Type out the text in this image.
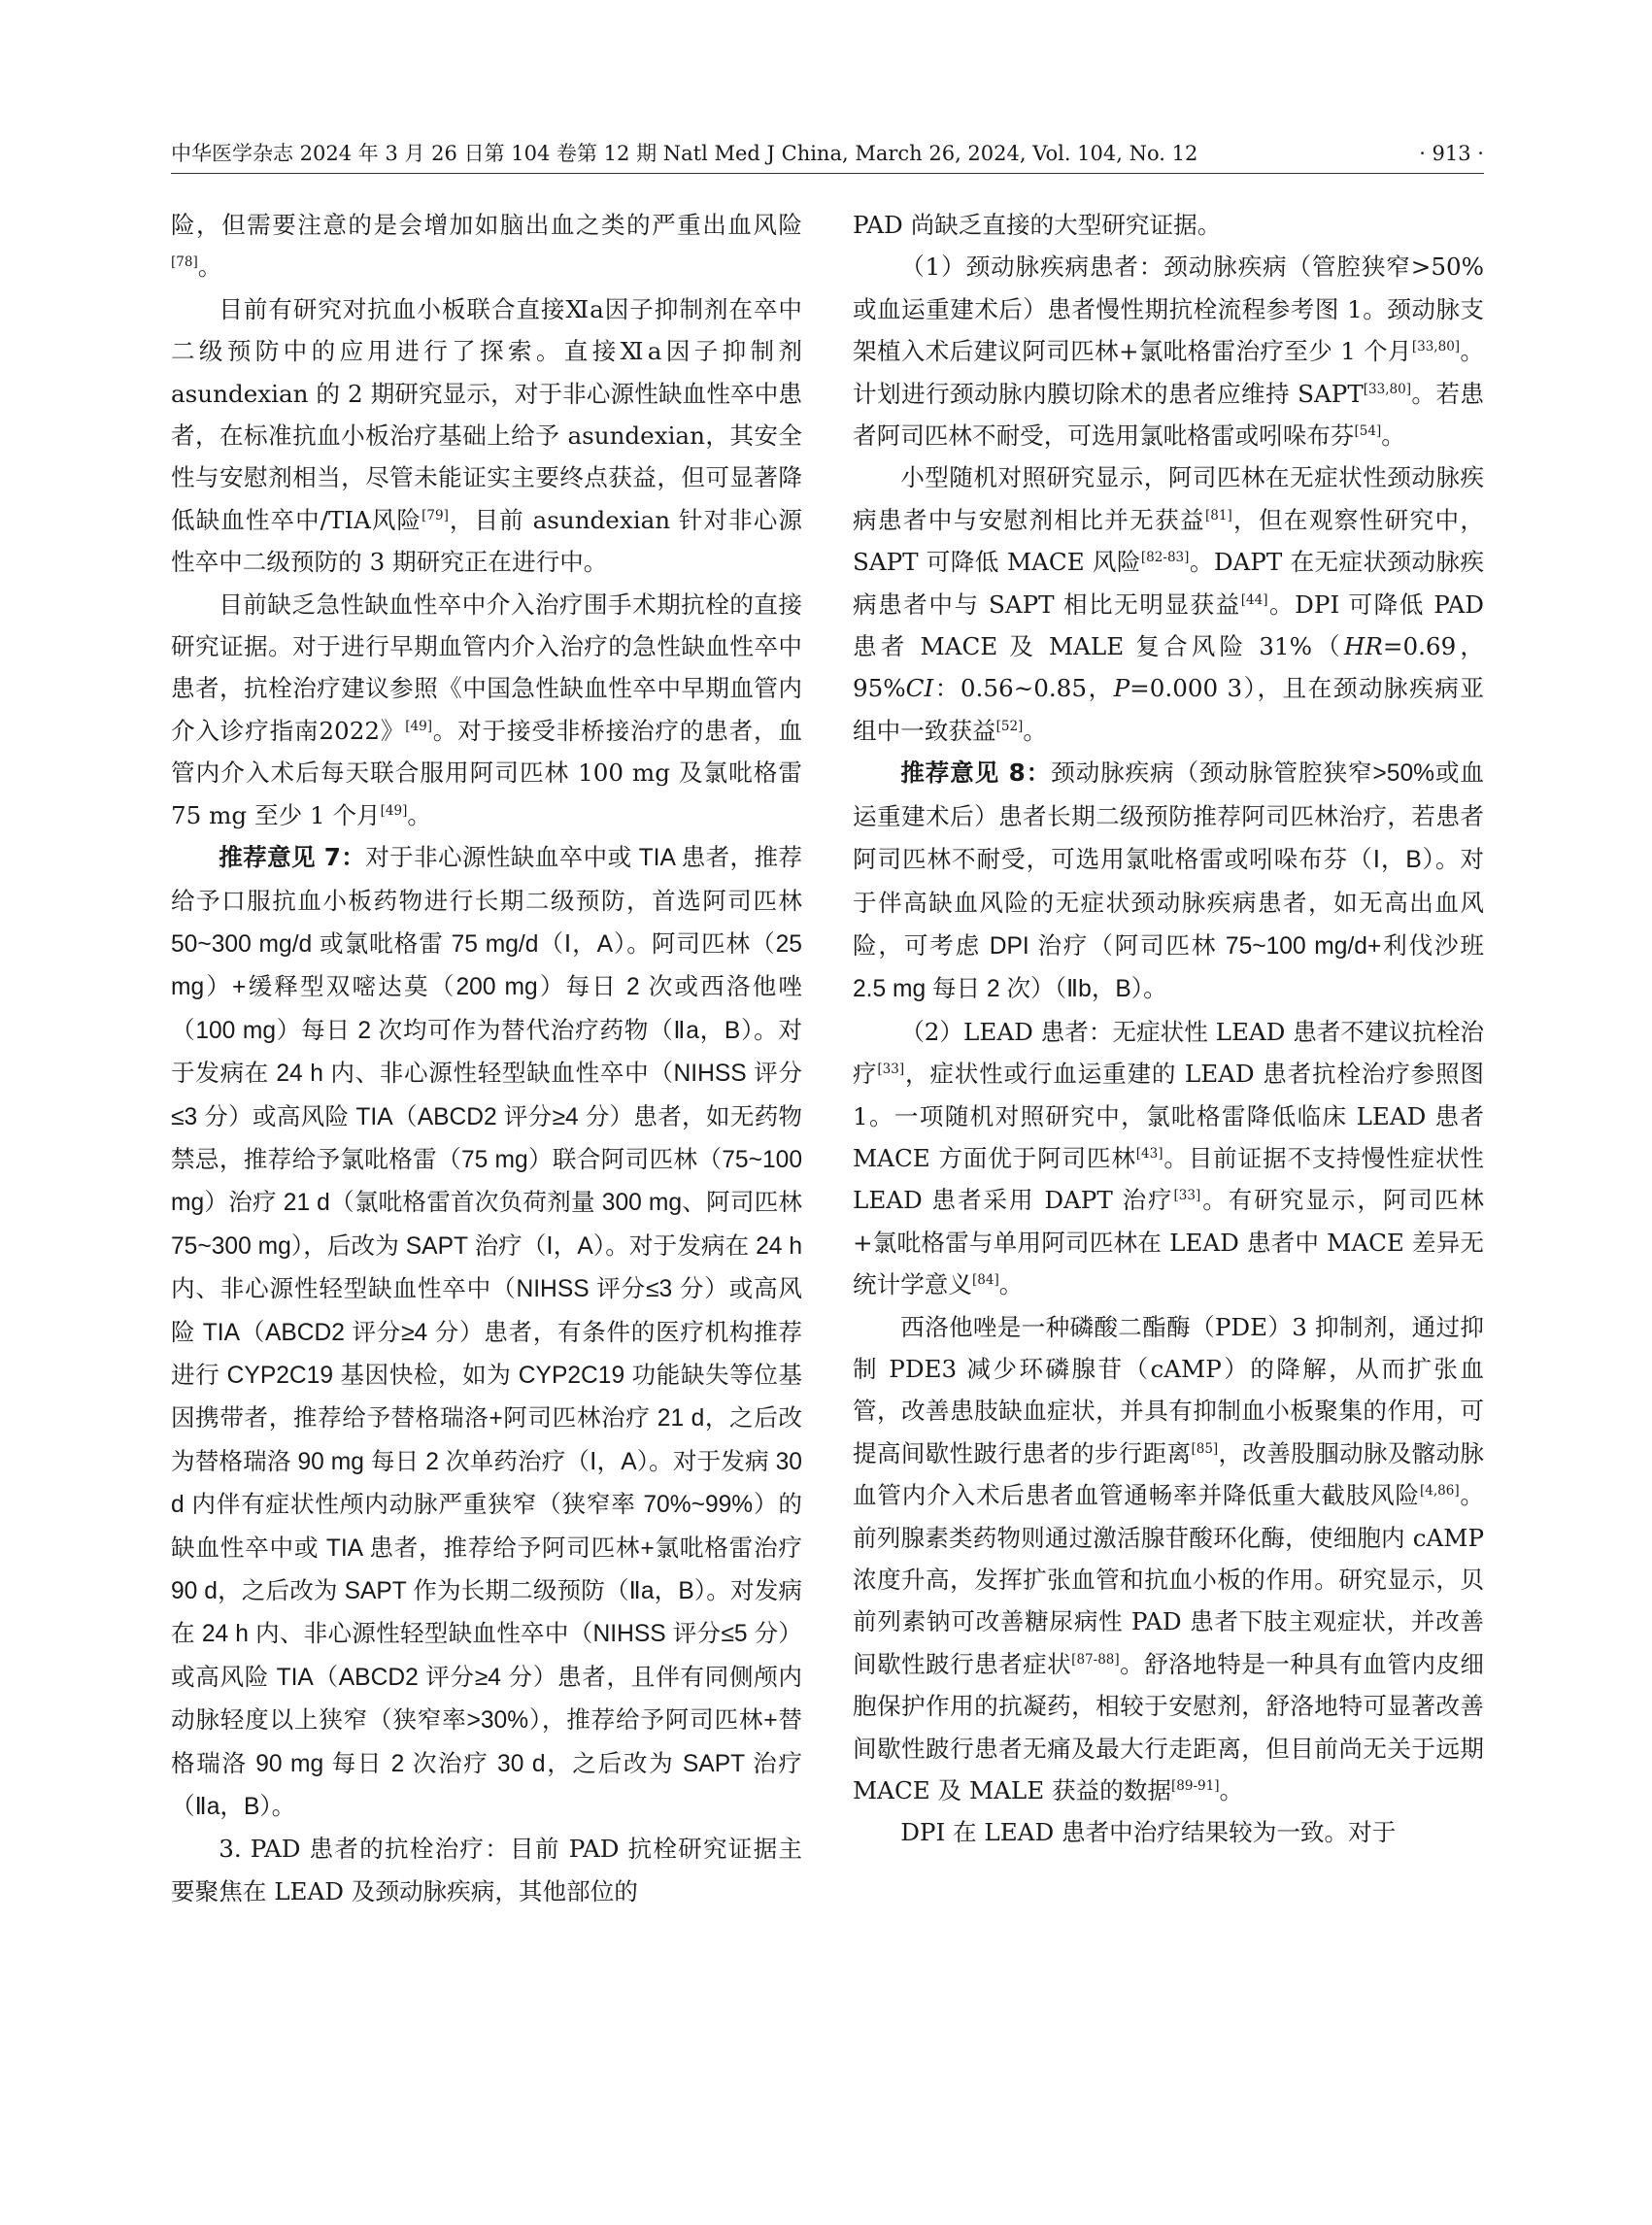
中华医学杂志 2024 年 3 月 26 日第 104 卷第 12 期 Natl Med J China, March 26, 2024, Vol. 104, No. 12	· 913 ·

险，但需要注意的是会增加如脑出血之类的严重出血风险[78]。

目前有研究对抗血小板联合直接Ⅺa因子抑制剂在卒中二级预防中的应用进行了探索。直接Ⅺa因子抑制剂 asundexian 的 2 期研究显示，对于非心源性缺血性卒中患者，在标准抗血小板治疗基础上给予 asundexian，其安全性与安慰剂相当，尽管未能证实主要终点获益，但可显著降低缺血性卒中/TIA风险[79]，目前 asundexian 针对非心源性卒中二级预防的 3 期研究正在进行中。

目前缺乏急性缺血性卒中介入治疗围手术期抗栓的直接研究证据。对于进行早期血管内介入治疗的急性缺血性卒中患者，抗栓治疗建议参照《中国急性缺血性卒中早期血管内介入诊疗指南2022》[49]。对于接受非桥接治疗的患者，血管内介入术后每天联合服用阿司匹林 100 mg 及氯吡格雷 75 mg 至少 1 个月[49]。

推荐意见 7：对于非心源性缺血卒中或 TIA 患者，推荐给予口服抗血小板药物进行长期二级预防，首选阿司匹林 50~300 mg/d 或氯吡格雷 75 mg/d（Ⅰ，A）。阿司匹林（25 mg）+缓释型双嘧达莫（200 mg）每日 2 次或西洛他唑（100 mg）每日 2 次均可作为替代治疗药物（Ⅱa，B）。对于发病在 24 h 内、非心源性轻型缺血性卒中（NIHSS 评分≤3 分）或高风险 TIA（ABCD2 评分≥4 分）患者，如无药物禁忌，推荐给予氯吡格雷（75 mg）联合阿司匹林（75~100 mg）治疗 21 d（氯吡格雷首次负荷剂量 300 mg、阿司匹林 75~300 mg），后改为 SAPT 治疗（Ⅰ，A）。对于发病在 24 h 内、非心源性轻型缺血性卒中（NIHSS 评分≤3 分）或高风险 TIA（ABCD2 评分≥4 分）患者，有条件的医疗机构推荐进行 CYP2C19 基因快检，如为 CYP2C19 功能缺失等位基因携带者，推荐给予替格瑞洛+阿司匹林治疗 21 d，之后改为替格瑞洛 90 mg 每日 2 次单药治疗（Ⅰ，A）。对于发病 30 d 内伴有症状性颅内动脉严重狭窄（狭窄率 70%~99%）的缺血性卒中或 TIA 患者，推荐给予阿司匹林+氯吡格雷治疗 90 d，之后改为 SAPT 作为长期二级预防（Ⅱa，B）。对发病在 24 h 内、非心源性轻型缺血性卒中（NIHSS 评分≤5 分）或高风险 TIA（ABCD2 评分≥4 分）患者，且伴有同侧颅内动脉轻度以上狭窄（狭窄率>30%），推荐给予阿司匹林+替格瑞洛 90 mg 每日 2 次治疗 30 d，之后改为 SAPT 治疗（Ⅱa，B）。

3. PAD 患者的抗栓治疗：目前 PAD 抗栓研究证据主要聚焦在 LEAD 及颈动脉疾病，其他部位的

PAD 尚缺乏直接的大型研究证据。

（1）颈动脉疾病患者：颈动脉疾病（管腔狭窄>50%或血运重建术后）患者慢性期抗栓流程参考图 1。颈动脉支架植入术后建议阿司匹林+氯吡格雷治疗至少 1 个月[33,80]。计划进行颈动脉内膜切除术的患者应维持 SAPT[33,80]。若患者阿司匹林不耐受，可选用氯吡格雷或吲哚布芬[54]。

小型随机对照研究显示，阿司匹林在无症状性颈动脉疾病患者中与安慰剂相比并无获益[81]，但在观察性研究中，SAPT 可降低 MACE 风险[82-83]。DAPT 在无症状颈动脉疾病患者中与 SAPT 相比无明显获益[44]。DPI 可降低 PAD 患者 MACE 及 MALE 复合风险 31%（HR=0.69，95%CI：0.56~0.85，P=0.000 3），且在颈动脉疾病亚组中一致获益[52]。

推荐意见 8：颈动脉疾病（颈动脉管腔狭窄>50%或血运重建术后）患者长期二级预防推荐阿司匹林治疗，若患者阿司匹林不耐受，可选用氯吡格雷或吲哚布芬（Ⅰ，B）。对于伴高缺血风险的无症状颈动脉疾病患者，如无高出血风险，可考虑 DPI 治疗（阿司匹林 75~100 mg/d+利伐沙班 2.5 mg 每日 2 次）（Ⅱb，B）。

（2）LEAD 患者：无症状性 LEAD 患者不建议抗栓治疗[33]，症状性或行血运重建的 LEAD 患者抗栓治疗参照图 1。一项随机对照研究中，氯吡格雷降低临床 LEAD 患者 MACE 方面优于阿司匹林[43]。目前证据不支持慢性症状性 LEAD 患者采用 DAPT 治疗[33]。有研究显示，阿司匹林+氯吡格雷与单用阿司匹林在 LEAD 患者中 MACE 差异无统计学意义[84]。

西洛他唑是一种磷酸二酯酶（PDE）3 抑制剂，通过抑制 PDE3 减少环磷腺苷（cAMP）的降解，从而扩张血管，改善患肢缺血症状，并具有抑制血小板聚集的作用，可提高间歇性跛行患者的步行距离[85]，改善股腘动脉及髂动脉血管内介入术后患者血管通畅率并降低重大截肢风险[4,86]。前列腺素类药物则通过激活腺苷酸环化酶，使细胞内 cAMP 浓度升高，发挥扩张血管和抗血小板的作用。研究显示，贝前列素钠可改善糖尿病性 PAD 患者下肢主观症状，并改善间歇性跛行患者症状[87-88]。舒洛地特是一种具有血管内皮细胞保护作用的抗凝药，相较于安慰剂，舒洛地特可显著改善间歇性跛行患者无痛及最大行走距离，但目前尚无关于远期 MACE 及 MALE 获益的数据[89-91]。

DPI 在 LEAD 患者中治疗结果较为一致。对于
